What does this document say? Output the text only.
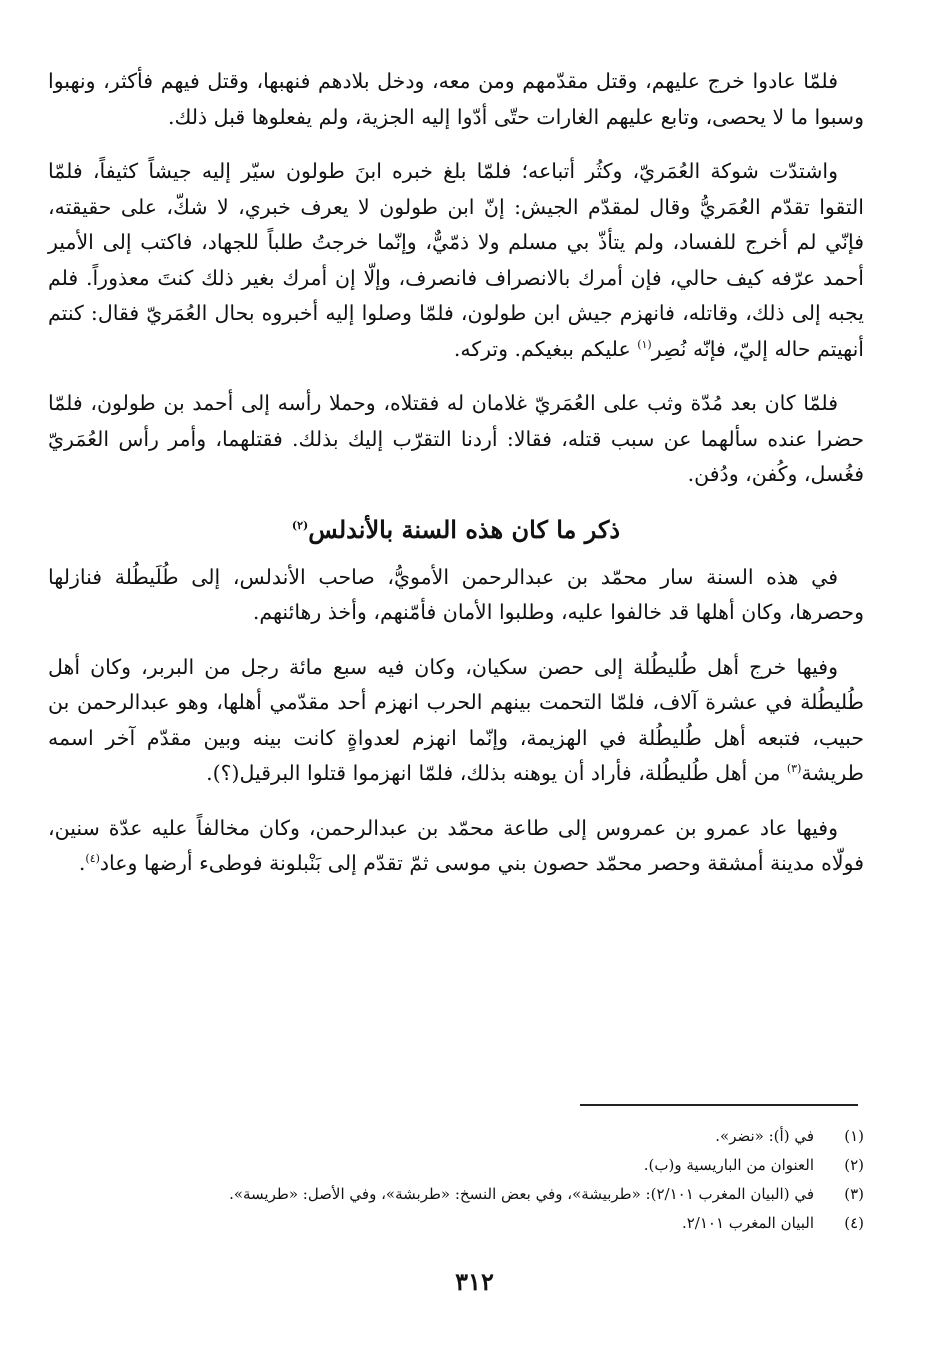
فلمّا عادوا خرج عليهم، وقتل مقدّمهم ومن معه، ودخل بلادهم فنهبها، وقتل فيهم فأكثر، ونهبوا وسبوا ما لا يحصى، وتابع عليهم الغارات حتّى أدّوا إليه الجزية، ولم يفعلوها قبل ذلك.

واشتدّت شوكة العُمَريّ، وكثُر أتباعه؛ فلمّا بلغ خبره ابنَ طولون سيّر إليه جيشاً كثيفاً، فلمّا التقوا تقدّم العُمَريُّ وقال لمقدّم الجيش: إنّ ابن طولون لا يعرف خبري، لا شكّ، على حقيقته، فإنّي لم أخرج للفساد، ولم يتأذّ بي مسلم ولا ذمّيٌّ، وإنّما خرجتُ طلباً للجهاد، فاكتب إلى الأمير أحمد عرّفه كيف حالي، فإن أمرك بالانصراف فانصرف، وإلّا إن أمرك بغير ذلك كنتَ معذوراً. فلم يجبه إلى ذلك، وقاتله، فانهزم جيش ابن طولون، فلمّا وصلوا إليه أخبروه بحال العُمَريّ فقال: كنتم أنهيتم حاله إليّ، فإنّه نُصِر$^{(١)}$ عليكم ببغيكم. وتركه.

فلمّا كان بعد مُدّة وثب على العُمَريّ غلامان له فقتلاه، وحملا رأسه إلى أحمد بن طولون، فلمّا حضرا عنده سألهما عن سبب قتله، فقالا: أردنا التقرّب إليك بذلك. فقتلهما، وأمر رأس العُمَريّ فغُسل، وكُفن، ودُفن.

ذكر ما كان هذه السنة بالأندلس$^{(٢)}$

في هذه السنة سار محمّد بن عبدالرحمن الأمويُّ، صاحب الأندلس، إلى طُلَيطُلة فنازلها وحصرها، وكان أهلها قد خالفوا عليه، وطلبوا الأمان فأمّنهم، وأخذ رهائنهم.

وفيها خرج أهل طُليطُلة إلى حصن سكيان، وكان فيه سبع مائة رجل من البربر، وكان أهل طُليطُلة في عشرة آلاف، فلمّا التحمت بينهم الحرب انهزم أحد مقدّمي أهلها، وهو عبدالرحمن بن حبيب، فتبعه أهل طُليطُلة في الهزيمة، وإنّما انهزم لعدواةٍ كانت بينه وبين مقدّم آخر اسمه طريشة$^{(٣)}$ من أهل طُليطُلة، فأراد أن يوهنه بذلك، فلمّا انهزموا قتلوا البرقيل(؟).

وفيها عاد عمرو بن عمروس إلى طاعة محمّد بن عبدالرحمن، وكان مخالفاً عليه عدّة سنين، فولّاه مدينة أمشقة وحصر محمّد حصون بني موسى ثمّ تقدّم إلى بَنْبلونة فوطىء أرضها وعاد$^{(٤)}$.

(١)
في (أ): «نضر».
(٢)
العنوان من الباريسية و(ب).
(٣)
في (البيان المغرب ٢/١٠١): «طربيشة»، وفي بعض النسخ: «طربشة»، وفي الأصل: «طريسة».
(٤)
البيان المغرب ٢/١٠١.
٣١٢
